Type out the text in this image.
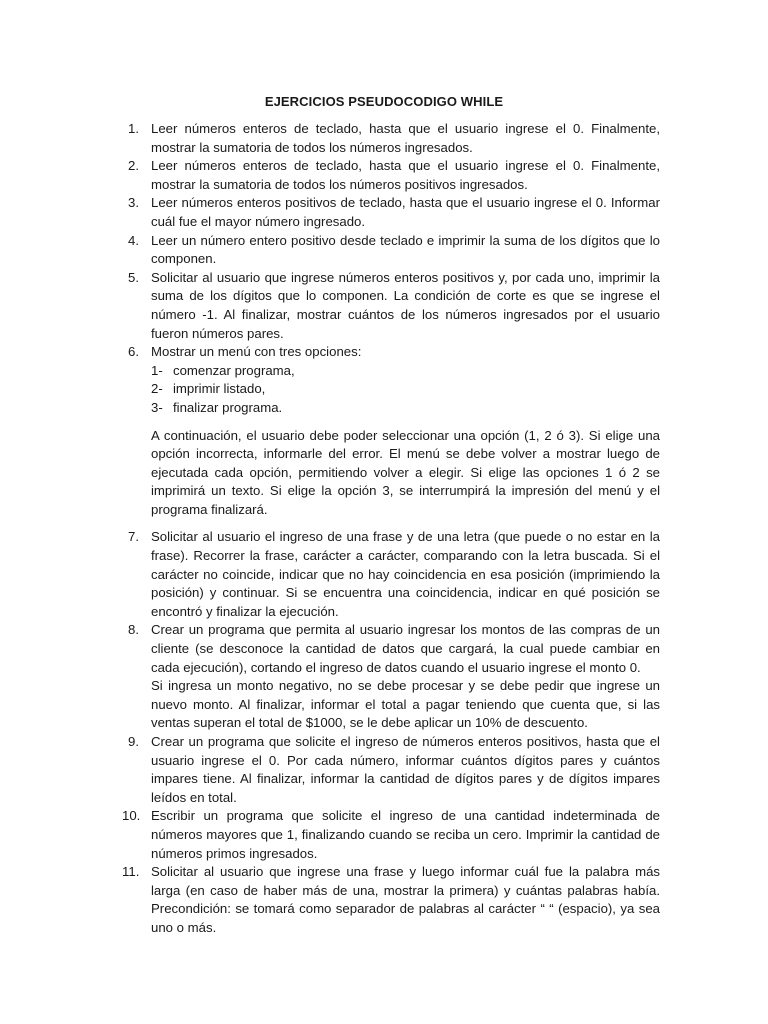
EJERCICIOS PSEUDOCODIGO WHILE
1. Leer números enteros de teclado, hasta que el usuario ingrese el 0. Finalmente, mostrar la sumatoria de todos los números ingresados.
2. Leer números enteros de teclado, hasta que el usuario ingrese el 0. Finalmente, mostrar la sumatoria de todos los números positivos ingresados.
3. Leer números enteros positivos de teclado, hasta que el usuario ingrese el 0. Informar cuál fue el mayor número ingresado.
4. Leer un número entero positivo desde teclado e imprimir la suma de los dígitos que lo componen.
5. Solicitar al usuario que ingrese números enteros positivos y, por cada uno, imprimir la suma de los dígitos que lo componen. La condición de corte es que se ingrese el número -1. Al finalizar, mostrar cuántos de los números ingresados por el usuario fueron números pares.
6. Mostrar un menú con tres opciones:
1- comenzar programa,
2- imprimir listado,
3- finalizar programa.
A continuación, el usuario debe poder seleccionar una opción (1, 2 ó 3). Si elige una opción incorrecta, informarle del error. El menú se debe volver a mostrar luego de ejecutada cada opción, permitiendo volver a elegir. Si elige las opciones 1 ó 2 se imprimirá un texto. Si elige la opción 3, se interrumpirá la impresión del menú y el programa finalizará.
7. Solicitar al usuario el ingreso de una frase y de una letra (que puede o no estar en la frase). Recorrer la frase, carácter a carácter, comparando con la letra buscada. Si el carácter no coincide, indicar que no hay coincidencia en esa posición (imprimiendo la posición) y continuar. Si se encuentra una coincidencia, indicar en qué posición se encontró y finalizar la ejecución.
8. Crear un programa que permita al usuario ingresar los montos de las compras de un cliente (se desconoce la cantidad de datos que cargará, la cual puede cambiar en cada ejecución), cortando el ingreso de datos cuando el usuario ingrese el monto 0.
Si ingresa un monto negativo, no se debe procesar y se debe pedir que ingrese un nuevo monto. Al finalizar, informar el total a pagar teniendo que cuenta que, si las ventas superan el total de $1000, se le debe aplicar un 10% de descuento.
9. Crear un programa que solicite el ingreso de números enteros positivos, hasta que el usuario ingrese el 0. Por cada número, informar cuántos dígitos pares y cuántos impares tiene. Al finalizar, informar la cantidad de dígitos pares y de dígitos impares leídos en total.
10. Escribir un programa que solicite el ingreso de una cantidad indeterminada de números mayores que 1, finalizando cuando se reciba un cero. Imprimir la cantidad de números primos ingresados.
11. Solicitar al usuario que ingrese una frase y luego informar cuál fue la palabra más larga (en caso de haber más de una, mostrar la primera) y cuántas palabras había. Precondición: se tomará como separador de palabras al carácter “ “ (espacio), ya sea uno o más.
